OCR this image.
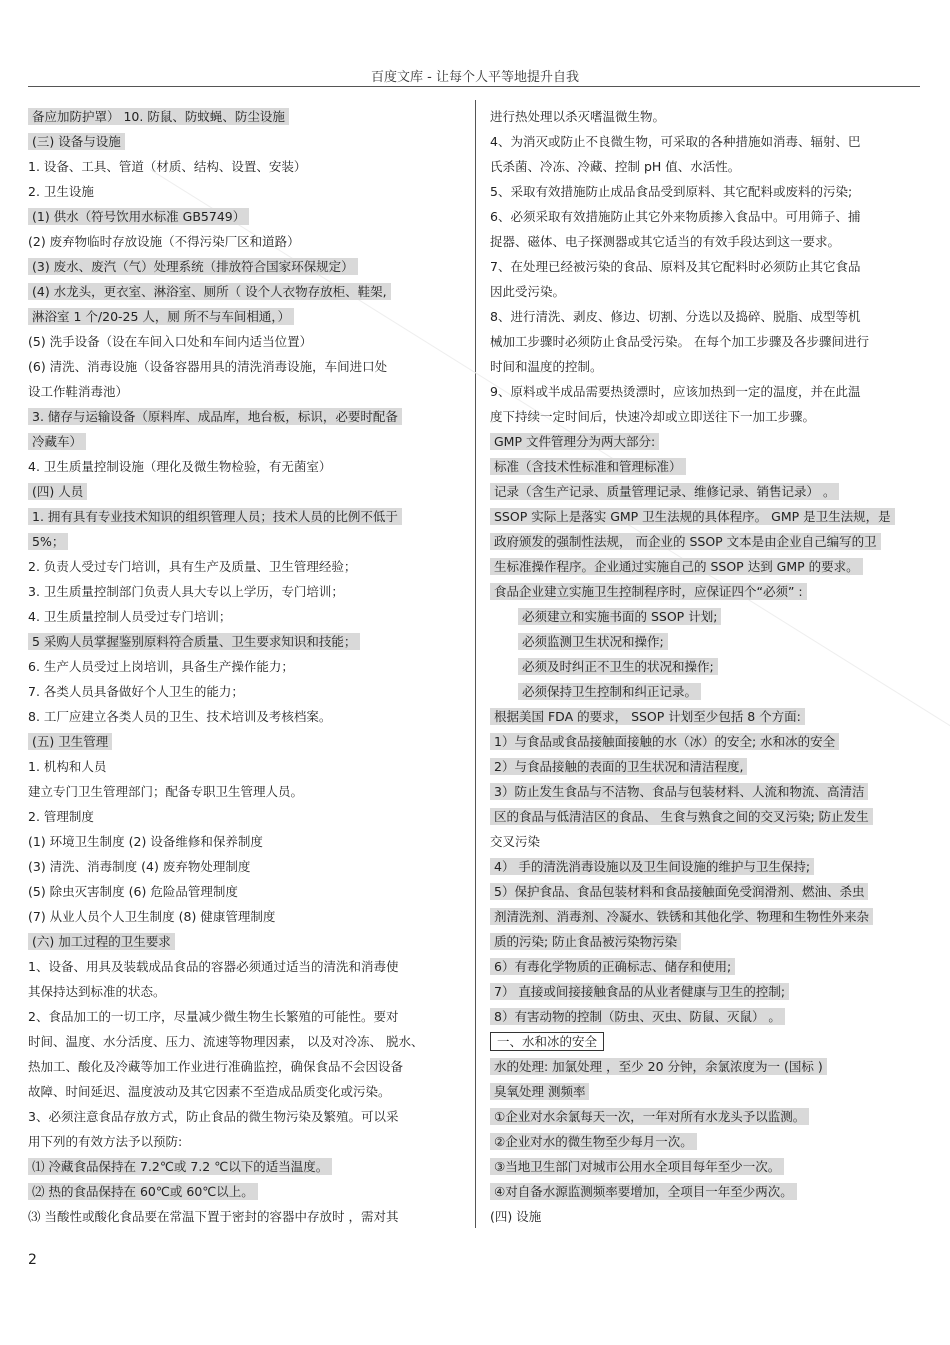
百度文库 - 让每个人平等地提升自我
备应加防护罩） 10. 防鼠、防蚊蝇、防尘设施
(三) 设备与设施
1. 设备、工具、管道（材质、结构、设置、安装）
2. 卫生设施
(1) 供水（符号饮用水标准 GB5749）
(2) 废弃物临时存放设施（不得污染厂区和道路）
(3) 废水、废汽（气）处理系统（排放符合国家环保规定）
(4) 水龙头，更衣室、淋浴室、厕所（ 设个人衣物存放柜、鞋架,
淋浴室 1 个/20-25 人，厕 所不与车间相通，）
(5) 洗手设备（设在车间入口处和车间内适当位置）
(6) 清洗、消毒设施（设备容器用具的清洗消毒设施，车间进口处
设工作鞋消毒池）
3. 储存与运输设备（原料库、成品库，地台板，标识，必要时配备
冷藏车）
4. 卫生质量控制设施（理化及微生物检验，有无菌室）
(四) 人员
1. 拥有具有专业技术知识的组织管理人员；技术人员的比例不低于
5%；
2. 负责人受过专门培训，具有生产及质量、卫生管理经验；
3. 卫生质量控制部门负责人具大专以上学历，专门培训；
4. 卫生质量控制人员受过专门培训；
5 采购人员掌握鉴别原料符合质量、卫生要求知识和技能；
6. 生产人员受过上岗培训，具备生产操作能力；
7. 各类人员具备做好个人卫生的能力；
8. 工厂应建立各类人员的卫生、技术培训及考核档案。
(五) 卫生管理
1. 机构和人员
建立专门卫生管理部门；配备专职卫生管理人员。
2. 管理制度
(1) 环境卫生制度 (2) 设备维修和保养制度
(3) 清洗、消毒制度 (4) 废弃物处理制度
(5) 除虫灭害制度 (6) 危险品管理制度
(7) 从业人员个人卫生制度 (8) 健康管理制度
(六) 加工过程的卫生要求
1、设备、用具及装载成品食品的容器必须通过适当的清洗和消毒使
其保持达到标准的状态。
2、食品加工的一切工序，尽量减少微生物生长繁殖的可能性。要对
时间、温度、水分活度、压力、流速等物理因素， 以及对冷冻、 脱水、
热加工、酸化及冷藏等加工作业进行准确监控，确保食品不会因设备
故障、时间延迟、温度波动及其它因素不至造成品质变化或污染。
3、必须注意食品存放方式，防止食品的微生物污染及繁殖。可以采
用下列的有效方法予以预防:
⑴ 冷藏食品保持在 7.2℃或 7.2 ℃以下的适当温度。
⑵ 热的食品保持在 60℃或 60℃以上。
⑶ 当酸性或酸化食品要在常温下置于密封的容器中存放时 ，需对其
进行热处理以杀灭嗜温微生物。
4、为消灭或防止不良微生物，可采取的各种措施如消毒、辐射、巴
氏杀菌、冷冻、冷藏、控制 pH 值、水活性。
5、采取有效措施防止成品食品受到原料、其它配料或废料的污染;
6、必须采取有效措施防止其它外来物质掺入食品中。可用筛子、捕
捉器、磁体、电子探测器或其它适当的有效手段达到这一要求。
7、在处理已经被污染的食品、原料及其它配料时必须防止其它食品
因此受污染。
8、进行清洗、剥皮、修边、切割、分选以及捣碎、脱脂、成型等机
械加工步骤时必须防止食品受污染。 在每个加工步骤及各步骤间进行
时间和温度的控制。
9、原料或半成品需要热烫漂时，应该加热到一定的温度，并在此温
度下持续一定时间后，快速冷却或立即送往下一加工步骤。
GMP 文件管理分为两大部分:
标准（含技术性标准和管理标准）
记录（含生产记录、质量管理记录、维修记录、销售记录） 。
SSOP 实际上是落实 GMP 卫生法规的具体程序。 GMP 是卫生法规，是
政府颁发的强制性法规， 而企业的 SSOP 文本是由企业自己编写的卫
生标准操作程序。企业通过实施自己的 SSOP 达到 GMP 的要求。
食品企业建立实施卫生控制程序时，应保证四个“必须” :
必须建立和实施书面的 SSOP 计划;
必须监测卫生状况和操作;
必须及时纠正不卫生的状况和操作;
必须保持卫生控制和纠正记录。
根据美国 FDA 的要求， SSOP 计划至少包括 8 个方面:
1）与食品或食品接触面接触的水（冰）的安全; 水和冰的安全
2）与食品接触的表面的卫生状况和清洁程度,
3）防止发生食品与不洁物、食品与包装材料、人流和物流、高清洁
区的食品与低清洁区的食品、 生食与熟食之间的交叉污染; 防止发生
交叉污染
4） 手的清洗消毒设施以及卫生间设施的维护与卫生保持;
5）保护食品、食品包装材料和食品接触面免受润滑剂、燃油、杀虫
剂清洗剂、消毒剂、冷凝水、铁锈和其他化学、物理和生物性外来杂
质的污染; 防止食品被污染物污染
6）有毒化学物质的正确标志、储存和使用;
7） 直接或间接接触食品的从业者健康与卫生的控制;
8）有害动物的控制（防虫、灭虫、防鼠、灭鼠） 。
一、水和冰的安全
水的处理: 加氯处理 ，至少 20 分钟，余氯浓度为一 (国标 )
臭氧处理 测频率
①企业对水余氯每天一次，一年对所有水龙头予以监测。
②企业对水的微生物至少每月一次。
③当地卫生部门对城市公用水全项目每年至少一次。
④对自备水源监测频率要增加，全项目一年至少两次。
(四) 设施
2
